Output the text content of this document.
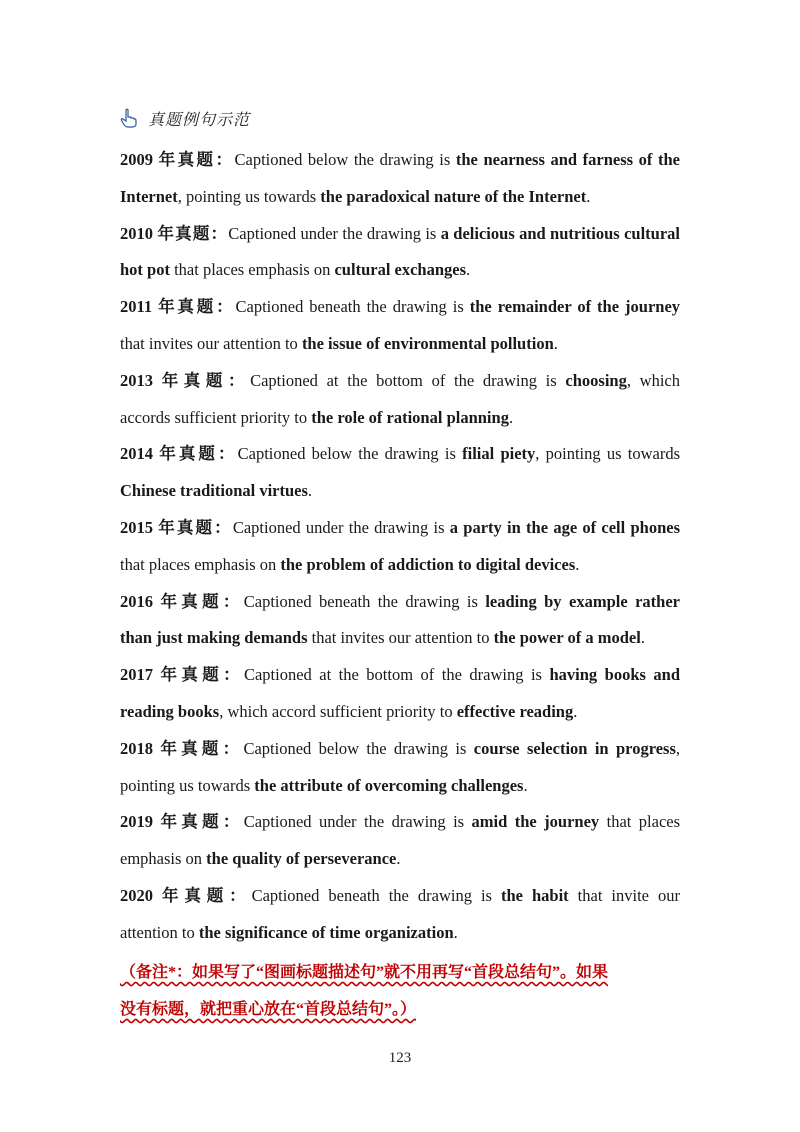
真题例句示范
2009 年真题：Captioned below the drawing is the nearness and farness of the
Internet, pointing us towards the paradoxical nature of the Internet.
2010 年真题：Captioned under the drawing is a delicious and nutritious cultural
hot pot that places emphasis on cultural exchanges.
2011 年真题：Captioned beneath the drawing is the remainder of the journey
that invites our attention to the issue of environmental pollution.
2013 年真题：Captioned at the bottom of the drawing is choosing, which
accords sufficient priority to the role of rational planning.
2014 年真题：Captioned below the drawing is filial piety, pointing us towards
Chinese traditional virtues.
2015 年真题：Captioned under the drawing is a party in the age of cell phones
that places emphasis on the problem of addiction to digital devices.
2016 年真题：Captioned beneath the drawing is leading by example rather
than just making demands that invites our attention to the power of a model.
2017 年真题：Captioned at the bottom of the drawing is having books and
reading books, which accord sufficient priority to effective reading.
2018 年真题：Captioned below the drawing is course selection in progress,
pointing us towards the attribute of overcoming challenges.
2019 年真题：Captioned under the drawing is amid the journey that places
emphasis on the quality of perseverance.
2020 年真题：Captioned beneath the drawing is the habit that invite our
attention to the significance of time organization.
（备注*：如果写了“图画标题描述句”就不用再写“首段总结句”。如果
没有标题，就把重心放在“首段总结句”。）
123
